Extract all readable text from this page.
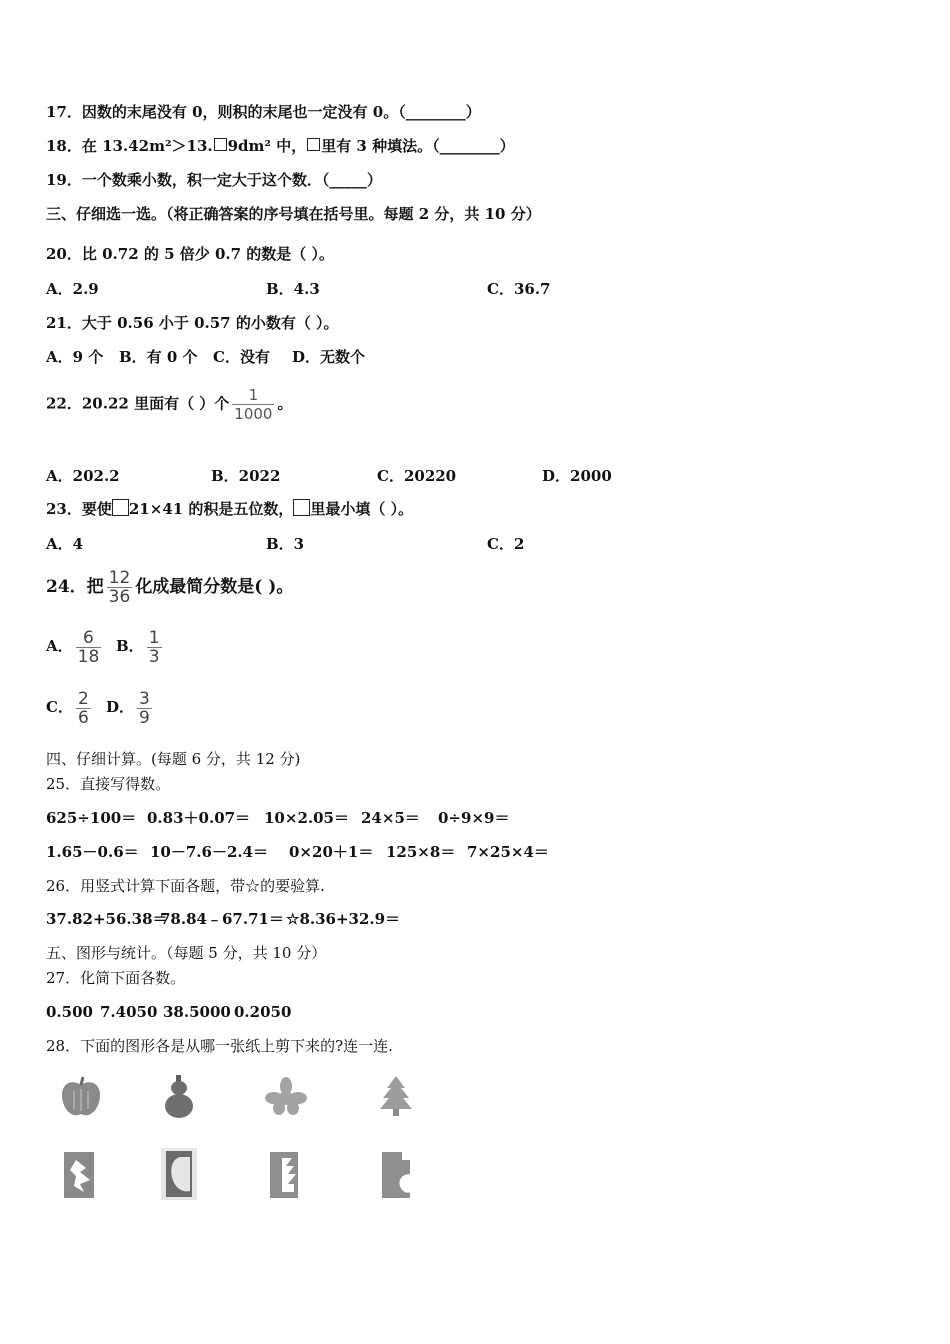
17．因数的末尾没有 0，则积的末尾也一定没有 0。（________）
18．在 13.42m²＞13. 9dm² 中， 里有 3 种填法。（________）
19．一个数乘小数，积一定大于这个数．（_____）
三、仔细选一选。（将正确答案的序号填在括号里。每题 2 分，共 10 分）
20．比 0.72 的 5 倍少 0.7 的数是（ ）。
A．2.9	B．4.3	C．36.7
21．大于 0.56 小于 0.57 的小数有（ ）。
A．9 个 B．有 0 个 C．没有 D．无数个
22．20.22 里面有（ ）个 $\frac{1}{1000}$ 。
A．202.2	B．2022	C．20220	D．2000
23．要使 21×41 的积是五位数， 里最小填（ ）。
A．4	B．3	C．2
24．把 $\frac{12}{36}$ 化成最简分数是( )。
A． $\frac{6}{18}$ B． $\frac{1}{3}$
C． $\frac{2}{6}$ D． $\frac{3}{9}$
四、仔细计算。(每题 6 分，共 12 分)
25．直接写得数。
625÷100＝ 0.83＋0.07＝ 10×2.05＝ 24×5＝ 0÷9×9＝
1.65－0.6＝ 10－7.6－2.4＝ 0×20＋1＝ 125×8＝ 7×25×4＝
26．用竖式计算下面各题，带☆的要验算.
37.82+56.38＝
78.84﹣67.71＝ ☆8.36+32.9＝
五、图形与统计。（每题 5 分，共 10 分）
27．化简下面各数。
0.500 7.4050 38.5000 0.2050
28．下面的图形各是从哪一张纸上剪下来的?连一连.
